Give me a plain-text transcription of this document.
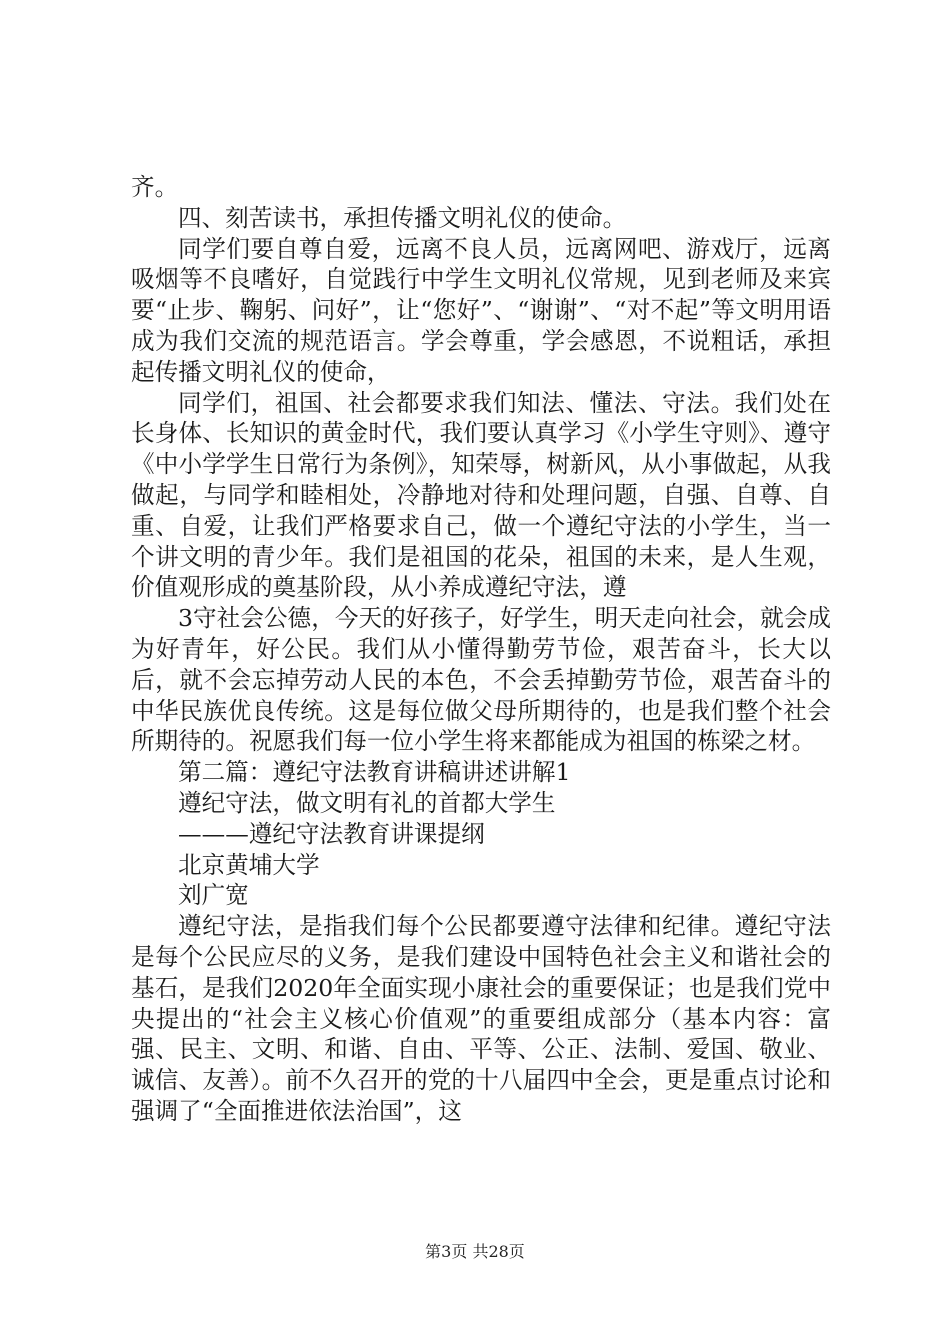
齐。

四、刻苦读书，承担传播文明礼仪的使命。

同学们要自尊自爱，远离不良人员，远离网吧、游戏厅，远离吸烟等不良嗜好，自觉践行中学生文明礼仪常规，见到老师及来宾要“止步、鞠躬、问好”，让“您好”、“谢谢”、“对不起”等文明用语成为我们交流的规范语言。学会尊重，学会感恩，不说粗话，承担起传播文明礼仪的使命，

同学们，祖国、社会都要求我们知法、懂法、守法。我们处在长身体、长知识的黄金时代，我们要认真学习《小学生守则》、遵守《中小学学生日常行为条例》，知荣辱，树新风，从小事做起，从我做起，与同学和睦相处，冷静地对待和处理问题，自强、自尊、自重、自爱，让我们严格要求自己，做一个遵纪守法的小学生，当一个讲文明的青少年。我们是祖国的花朵，祖国的未来，是人生观，价值观形成的奠基阶段，从小养成遵纪守法，遵

3守社会公德，今天的好孩子，好学生，明天走向社会，就会成为好青年，好公民。我们从小懂得勤劳节俭，艰苦奋斗，长大以后，就不会忘掉劳动人民的本色，不会丢掉勤劳节俭，艰苦奋斗的中华民族优良传统。这是每位做父母所期待的，也是我们整个社会所期待的。祝愿我们每一位小学生将来都能成为祖国的栋梁之材。

第二篇：遵纪守法教育讲稿讲述讲解1

遵纪守法，做文明有礼的首都大学生

———遵纪守法教育讲课提纲

北京黄埔大学

刘广宽

遵纪守法，是指我们每个公民都要遵守法律和纪律。遵纪守法是每个公民应尽的义务，是我们建设中国特色社会主义和谐社会的基石，是我们2020年全面实现小康社会的重要保证；也是我们党中央提出的“社会主义核心价值观”的重要组成部分（基本内容：富强、民主、文明、和谐、自由、平等、公正、法制、爱国、敬业、诚信、友善）。前不久召开的党的十八届四中全会，更是重点讨论和强调了“全面推进依法治国”，这

第3页 共28页
